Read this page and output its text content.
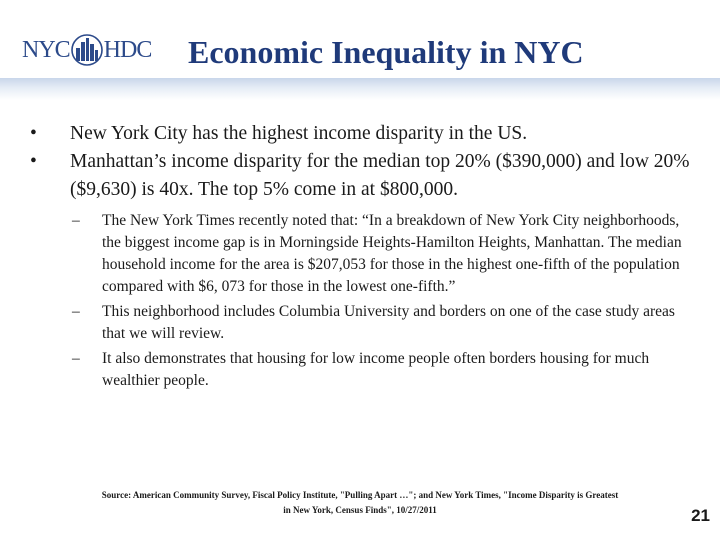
NYC HDC Economic Inequality in NYC
• New York City has the highest income disparity in the US.
• Manhattan’s income disparity for the median top 20% ($390,000) and low 20% ($9,630) is 40x. The top 5% come in at $800,000.
– The New York Times recently noted that: “In a breakdown of New York City neighborhoods, the biggest income gap is in Morningside Heights-Hamilton Heights, Manhattan. The median household income for the area is $207,053 for those in the highest one-fifth of the population compared with $6, 073 for those in the lowest one-fifth.”
– This neighborhood includes Columbia University and borders on one of the case study areas that we will review.
– It also demonstrates that housing for low income people often borders housing for much wealthier people.
Source: American Community Survey, Fiscal Policy Institute, "Pulling Apart …"; and New York Times, "Income Disparity is Greatest in New York, Census Finds", 10/27/2011	21
